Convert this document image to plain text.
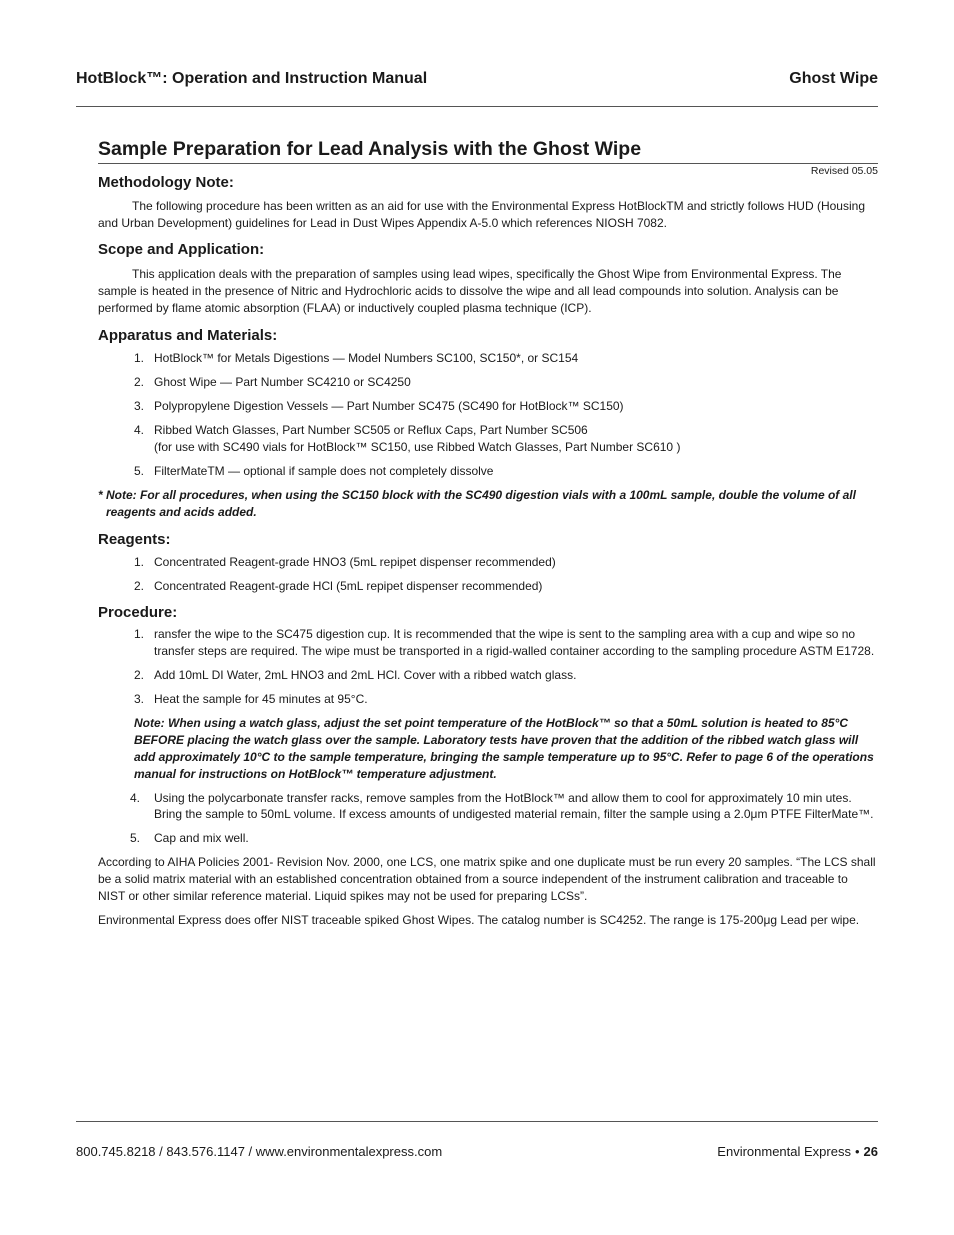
HotBlock™: Operation and Instruction Manual	Ghost Wipe
Sample Preparation for Lead Analysis with the Ghost Wipe
Revised 05.05
Methodology Note:

The following procedure has been written as an aid for use with the Environmental Express HotBlockTM and strictly follows HUD (Housing and Urban Development) guidelines for Lead in Dust Wipes Appendix A-5.0 which references NIOSH 7082.

Scope and Application:

This application deals with the preparation of samples using lead wipes, specifically the Ghost Wipe from Environmental Express. The sample is heated in the presence of Nitric and Hydrochloric acids to dissolve the wipe and all lead compounds into solution. Analysis can be performed by flame atomic absorption (FLAA) or inductively coupled plasma technique (ICP).

Apparatus and Materials:
1. HotBlock™ for Metals Digestions — Model Numbers SC100, SC150*, or SC154
2. Ghost Wipe — Part Number SC4210 or SC4250
3. Polypropylene Digestion Vessels — Part Number SC475 (SC490 for HotBlock™ SC150)
4. Ribbed Watch Glasses, Part Number SC505 or Reflux Caps, Part Number SC506
(for use with SC490 vials for HotBlock™ SC150, use Ribbed Watch Glasses, Part Number SC610 )
5. FilterMateTM — optional if sample does not completely dissolve

* Note: For all procedures, when using the SC150 block with the SC490 digestion vials with a 100mL sample, double the volume of all reagents and acids added.

Reagents:
1. Concentrated Reagent-grade HNO3 (5mL repipet dispenser recommended)
2. Concentrated Reagent-grade HCl (5mL repipet dispenser recommended)
Procedure:
1. ransfer the wipe to the SC475 digestion cup. It is recommended that the wipe is sent to the sampling area with a cup and wipe so no transfer steps are required. The wipe must be transported in a rigid-walled container according to the sampling procedure ASTM E1728.
2. Add 10mL DI Water, 2mL HNO3 and 2mL HCl. Cover with a ribbed watch glass.
3. Heat the sample for 45 minutes at 95°C.

Note: When using a watch glass, adjust the set point temperature of the HotBlock™ so that a 50mL solution is heated to 85°C BEFORE placing the watch glass over the sample. Laboratory tests have proven that the addition of the ribbed watch glass will add approximately 10°C to the sample temperature, bringing the sample temperature up to 95°C. Refer to page 6 of the operations manual for instructions on HotBlock™ temperature adjustment.

4.	Using the polycarbonate transfer racks, remove samples from the HotBlock™ and allow them to cool for approximately 10 min utes. Bring the sample to 50mL volume. If excess amounts of undigested material remain, filter the sample using a 2.0μm PTFE FilterMate™.
5.	Cap and mix well.

According to AIHA Policies 2001- Revision Nov. 2000, one LCS, one matrix spike and one duplicate must be run every 20 samples. “The LCS shall be a solid matrix material with an established concentration obtained from a source independent of the instrument calibration and traceable to NIST or other similar reference material. Liquid spikes may not be used for preparing LCSs”.

Environmental Express does offer NIST traceable spiked Ghost Wipes. The catalog number is SC4252. The range is 175-200μg Lead per wipe.

800.745.8218 / 843.576.1147 / www.environmentalexpress.com	Environmental Express • 26
